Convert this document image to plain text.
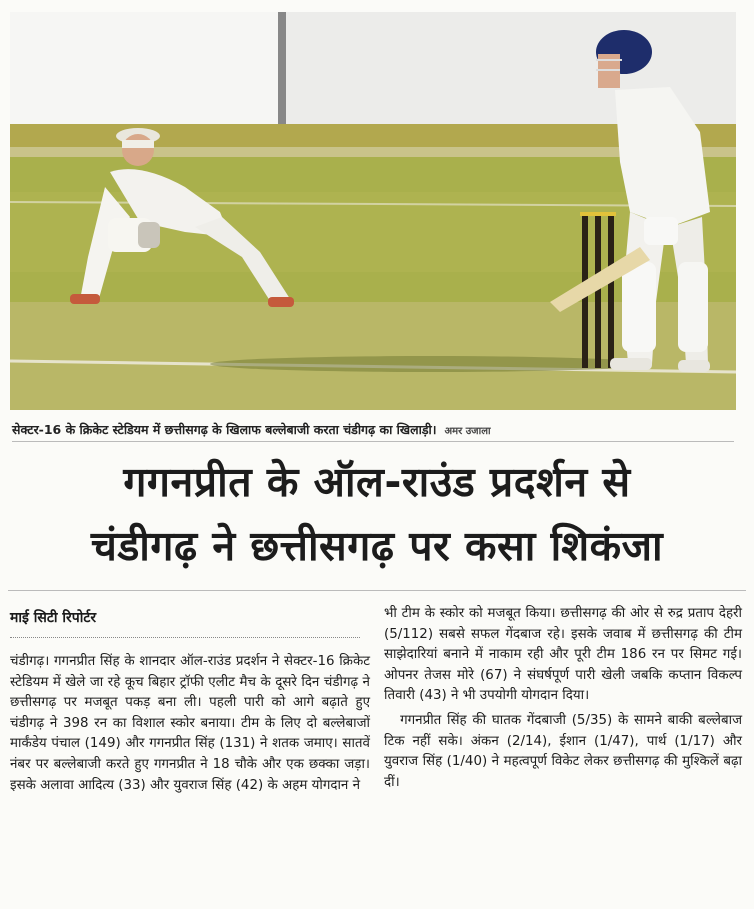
सेक्टर-16 के क्रिकेट स्टेडियम में छत्तीसगढ़ के खिलाफ बल्लेबाजी करता चंडीगढ़ का खिलाड़ी। अमर उजाला
गगनप्रीत के ऑल-राउंड प्रदर्शन से
चंडीगढ़ ने छत्तीसगढ़ पर कसा शिकंजा
माई सिटी रिपोर्टर

चंडीगढ़। गगनप्रीत सिंह के शानदार ऑल-राउंड प्रदर्शन ने सेक्टर-16 क्रिकेट स्टेडियम में खेले जा रहे कूच बिहार ट्रॉफी एलीट मैच के दूसरे दिन चंडीगढ़ ने छत्तीसगढ़ पर मजबूत पकड़ बना ली। पहली पारी को आगे बढ़ाते हुए चंडीगढ़ ने 398 रन का विशाल स्कोर बनाया। टीम के लिए दो बल्लेबाजों मार्कंडेय पंचाल (149) और गगनप्रीत सिंह (131) ने शतक जमाए। सातवें नंबर पर बल्लेबाजी करते हुए गगनप्रीत ने 18 चौके और एक छक्का जड़ा। इसके अलावा आदित्य (33) और युवराज सिंह (42) के अहम योगदान ने

भी टीम के स्कोर को मजबूत किया। छत्तीसगढ़ की ओर से रुद्र प्रताप देहरी (5/112) सबसे सफल गेंदबाज रहे। इसके जवाब में छत्तीसगढ़ की टीम साझेदारियां बनाने में नाकाम रही और पूरी टीम 186 रन पर सिमट गई। ओपनर तेजस मोरे (67) ने संघर्षपूर्ण पारी खेली जबकि कप्तान विकल्प तिवारी (43) ने भी उपयोगी योगदान दिया।

गगनप्रीत सिंह की घातक गेंदबाजी (5/35) के सामने बाकी बल्लेबाज टिक नहीं सके। अंकन (2/14), ईशान (1/47), पार्थ (1/17) और युवराज सिंह (1/40) ने महत्वपूर्ण विकेट लेकर छत्तीसगढ़ की मुश्किलें बढ़ा दीं।
